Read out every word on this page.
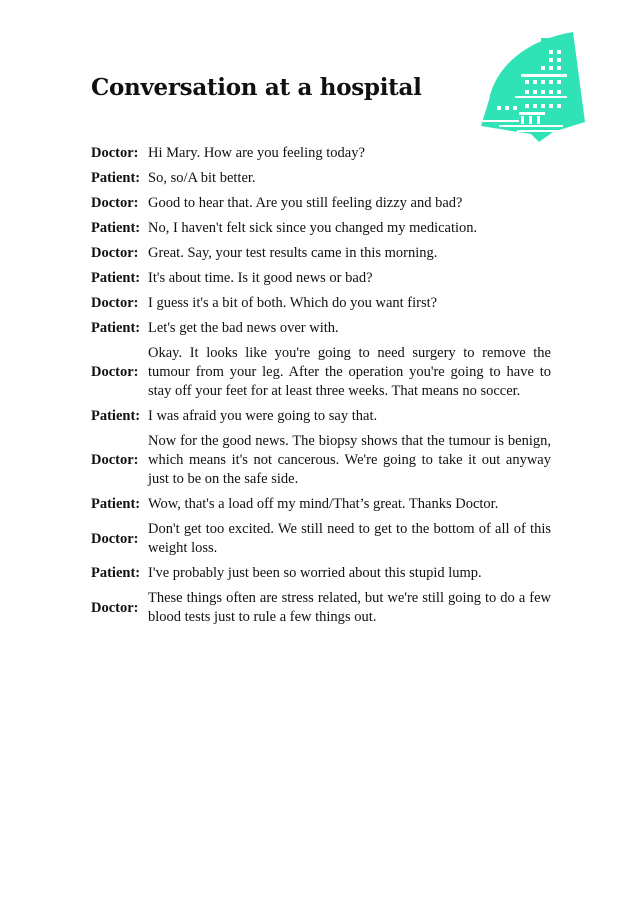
Conversation at a hospital
Doctor: Hi Mary. How are you feeling today?
Patient: So, so/A bit better.
Doctor: Good to hear that. Are you still feeling dizzy and bad?
Patient: No, I haven't felt sick since you changed my medication.
Doctor: Great. Say, your test results came in this morning.
Patient: It's about time. Is it good news or bad?
Doctor: I guess it's a bit of both. Which do you want first?
Patient: Let's get the bad news over with.
Doctor:
Okay. It looks like you're going to need surgery to remove the tumour from your leg. After the operation you're going to have to stay off your feet for at least three weeks. That means no soccer.
Patient: I was afraid you were going to say that.
Doctor:
Now for the good news. The biopsy shows that the tumour is benign, which means it's not cancerous. We're going to take it out anyway just to be on the safe side.
Patient: Wow, that's a load off my mind/That’s great. Thanks Doctor.
Doctor:
Don't get too excited. We still need to get to the bottom of all of this weight loss.
Patient: I've probably just been so worried about this stupid lump.
Doctor:
These things often are stress related, but we're still going to do a few blood tests just to rule a few things out.
